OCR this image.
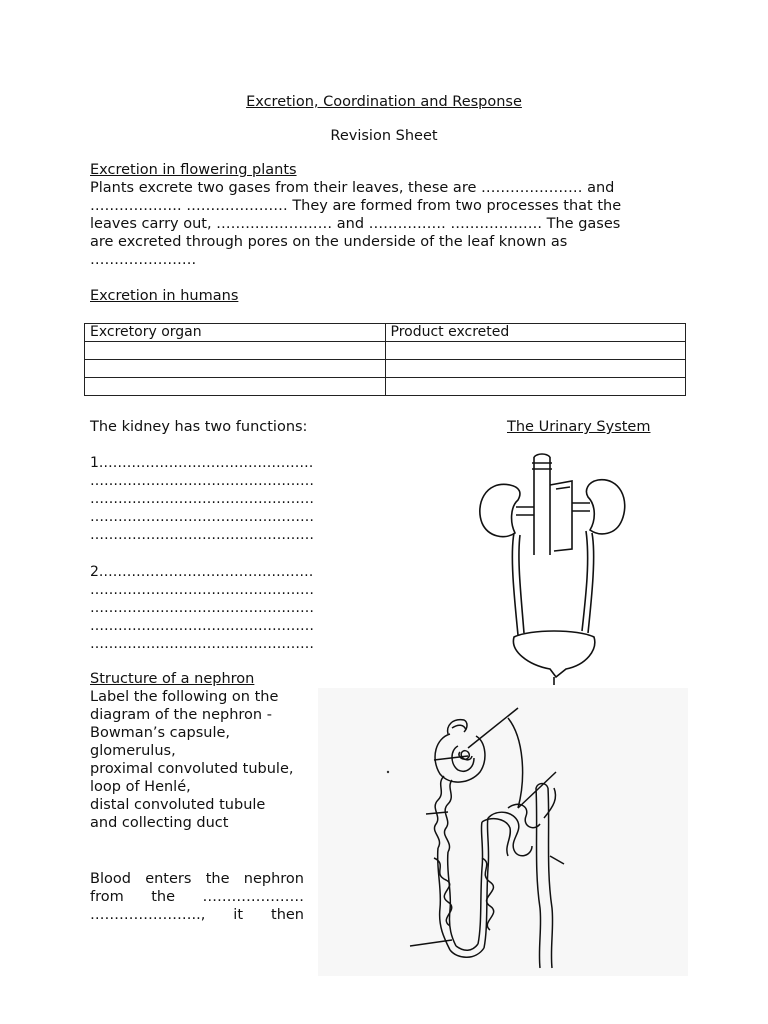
Excretion, Coordination and Response
Revision Sheet
Excretion in flowering plants
Plants excrete two gases from their leaves, these are ………………… and
………………. ………………… They are formed from two processes that the
leaves carry out, …………………… and ……………. ………………. The gases
are excreted through pores on the underside of the leaf known as
………………….
Excretion in humans
Excretory organ	Product excreted

The kidney has two functions:	The Urinary System
1.………………………………………
…………………………………………
…………………………………………
…………………………………………
…………………………………………
2.………………………………………
…………………………………………
…………………………………………
…………………………………………
…………………………………………
Structure of a nephron
Label the following on the
diagram of the nephron -
Bowman’s capsule,
glomerulus,
proximal convoluted tubule,
loop of Henlé,
distal convoluted tubule
and collecting duct
Blood enters the nephron
from the …………………
………………….., it then
